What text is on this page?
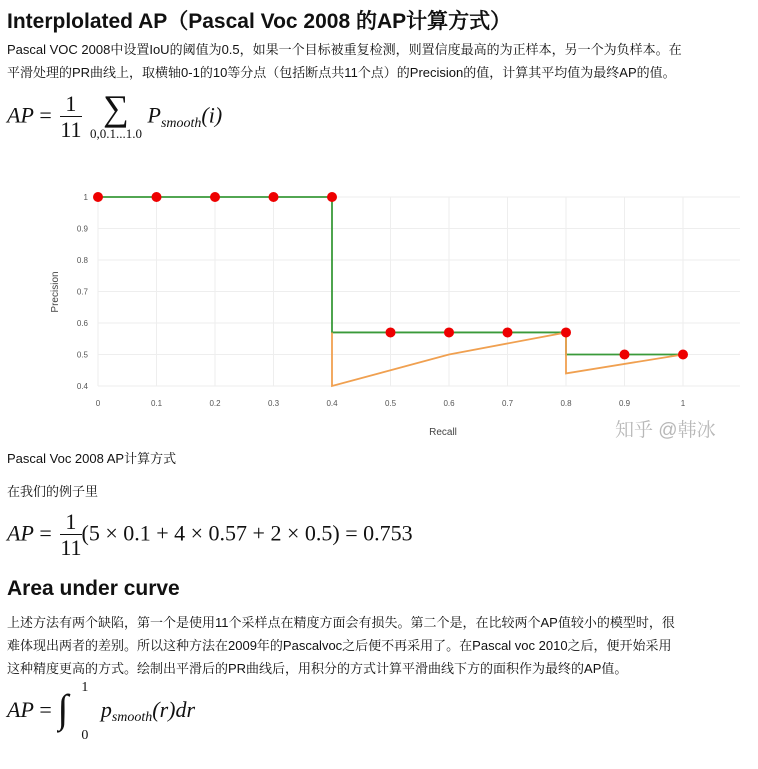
Interplolated AP（Pascal Voc 2008 的AP计算方式）
Pascal VOC 2008中设置IoU的阈值为0.5，如果一个目标被重复检测，则置信度最高的为正样本，另一个为负样本。在
平滑处理的PR曲线上，取横轴0-1的10等分点（包括断点共11个点）的Precision的值，计算其平均值为最终AP的值。
AP = $\frac{1}{11}$
∑
0,0.1...1.0
Psmooth(i)
0.4
0.5
0.6
0.7
0.8
0.9
1
0	0.1	0.2	0.3	0.4	0.5	0.6	0.7	0.8	0.9	1
Precision
Recall	知乎 @韩冰
Pascal Voc 2008 AP计算方式
在我们的例子里
AP = $\frac{1}{11} (5 \times 0.1 + 4 \times 0.57 + 2 \times 0.5) = 0.753$
Area under curve
上述方法有两个缺陷，第一个是使用11个采样点在精度方面会有损失。第二个是，在比较两个AP值较小的模型时，很
难体现出两者的差别。所以这种方法在2009年的Pascalvoc之后便不再采用了。在Pascal voc 2010之后，便开始采用
这种精度更高的方式。绘制出平滑后的PR曲线后，用积分的方式计算平滑曲线下方的面积作为最终的AP值。
AP = ∫ 1
0
psmooth(r)dr
